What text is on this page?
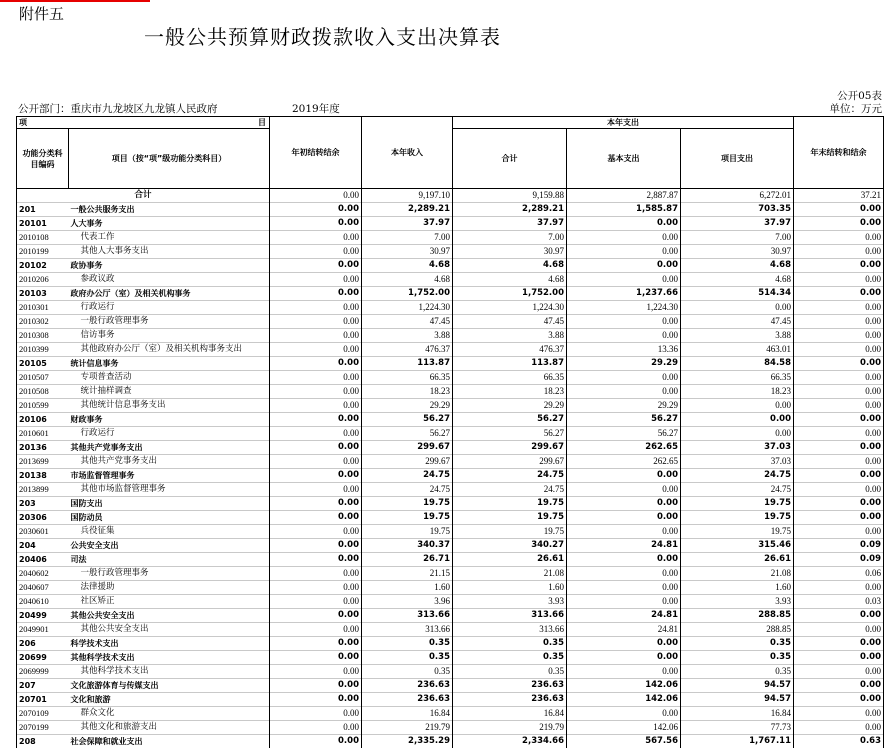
附件五
一般公共预算财政拨款收入支出决算表
公开05表
公开部门：重庆市九龙坡区九龙镇人民政府	2019年度	单位：万元
项 目		年初结转结余	本年收入	本年支出			年末结转和结余
功能分类科目编码	项目（按“项”级功能分类科目）			合计	基本支出	项目支出	
合计		0.00	9,197.10	9,159.88	2,887.87	6,272.01	37.21
201	一般公共服务支出	0.00	2,289.21	2,289.21	1,585.87	703.35	0.00
20101	人大事务	0.00	37.97	37.97	0.00	37.97	0.00
2010108	代表工作	0.00	7.00	7.00	0.00	7.00	0.00
2010199	其他人大事务支出	0.00	30.97	30.97	0.00	30.97	0.00
20102	政协事务	0.00	4.68	4.68	0.00	4.68	0.00
2010206	参政议政	0.00	4.68	4.68	0.00	4.68	0.00
20103	政府办公厅（室）及相关机构事务	0.00	1,752.00	1,752.00	1,237.66	514.34	0.00
2010301	行政运行	0.00	1,224.30	1,224.30	1,224.30	0.00	0.00
2010302	一般行政管理事务	0.00	47.45	47.45	0.00	47.45	0.00
2010308	信访事务	0.00	3.88	3.88	0.00	3.88	0.00
2010399	其他政府办公厅（室）及相关机构事务支出	0.00	476.37	476.37	13.36	463.01	0.00
20105	统计信息事务	0.00	113.87	113.87	29.29	84.58	0.00
2010507	专项普查活动	0.00	66.35	66.35	0.00	66.35	0.00
2010508	统计抽样调查	0.00	18.23	18.23	0.00	18.23	0.00
2010599	其他统计信息事务支出	0.00	29.29	29.29	29.29	0.00	0.00
20106	财政事务	0.00	56.27	56.27	56.27	0.00	0.00
2010601	行政运行	0.00	56.27	56.27	56.27	0.00	0.00
20136	其他共产党事务支出	0.00	299.67	299.67	262.65	37.03	0.00
2013699	其他共产党事务支出	0.00	299.67	299.67	262.65	37.03	0.00
20138	市场监督管理事务	0.00	24.75	24.75	0.00	24.75	0.00
2013899	其他市场监督管理事务	0.00	24.75	24.75	0.00	24.75	0.00
203	国防支出	0.00	19.75	19.75	0.00	19.75	0.00
20306	国防动员	0.00	19.75	19.75	0.00	19.75	0.00
2030601	兵役征集	0.00	19.75	19.75	0.00	19.75	0.00
204	公共安全支出	0.00	340.37	340.27	24.81	315.46	0.09
20406	司法	0.00	26.71	26.61	0.00	26.61	0.09
2040602	一般行政管理事务	0.00	21.15	21.08	0.00	21.08	0.06
2040607	法律援助	0.00	1.60	1.60	0.00	1.60	0.00
2040610	社区矫正	0.00	3.96	3.93	0.00	3.93	0.03
20499	其他公共安全支出	0.00	313.66	313.66	24.81	288.85	0.00
2049901	其他公共安全支出	0.00	313.66	313.66	24.81	288.85	0.00
206	科学技术支出	0.00	0.35	0.35	0.00	0.35	0.00
20699	其他科学技术支出	0.00	0.35	0.35	0.00	0.35	0.00
2069999	其他科学技术支出	0.00	0.35	0.35	0.00	0.35	0.00
207	文化旅游体育与传媒支出	0.00	236.63	236.63	142.06	94.57	0.00
20701	文化和旅游	0.00	236.63	236.63	142.06	94.57	0.00
2070109	群众文化	0.00	16.84	16.84	0.00	16.84	0.00
2070199	其他文化和旅游支出	0.00	219.79	219.79	142.06	77.73	0.00
208	社会保障和就业支出	0.00	2,335.29	2,334.66	567.56	1,767.11	0.63
